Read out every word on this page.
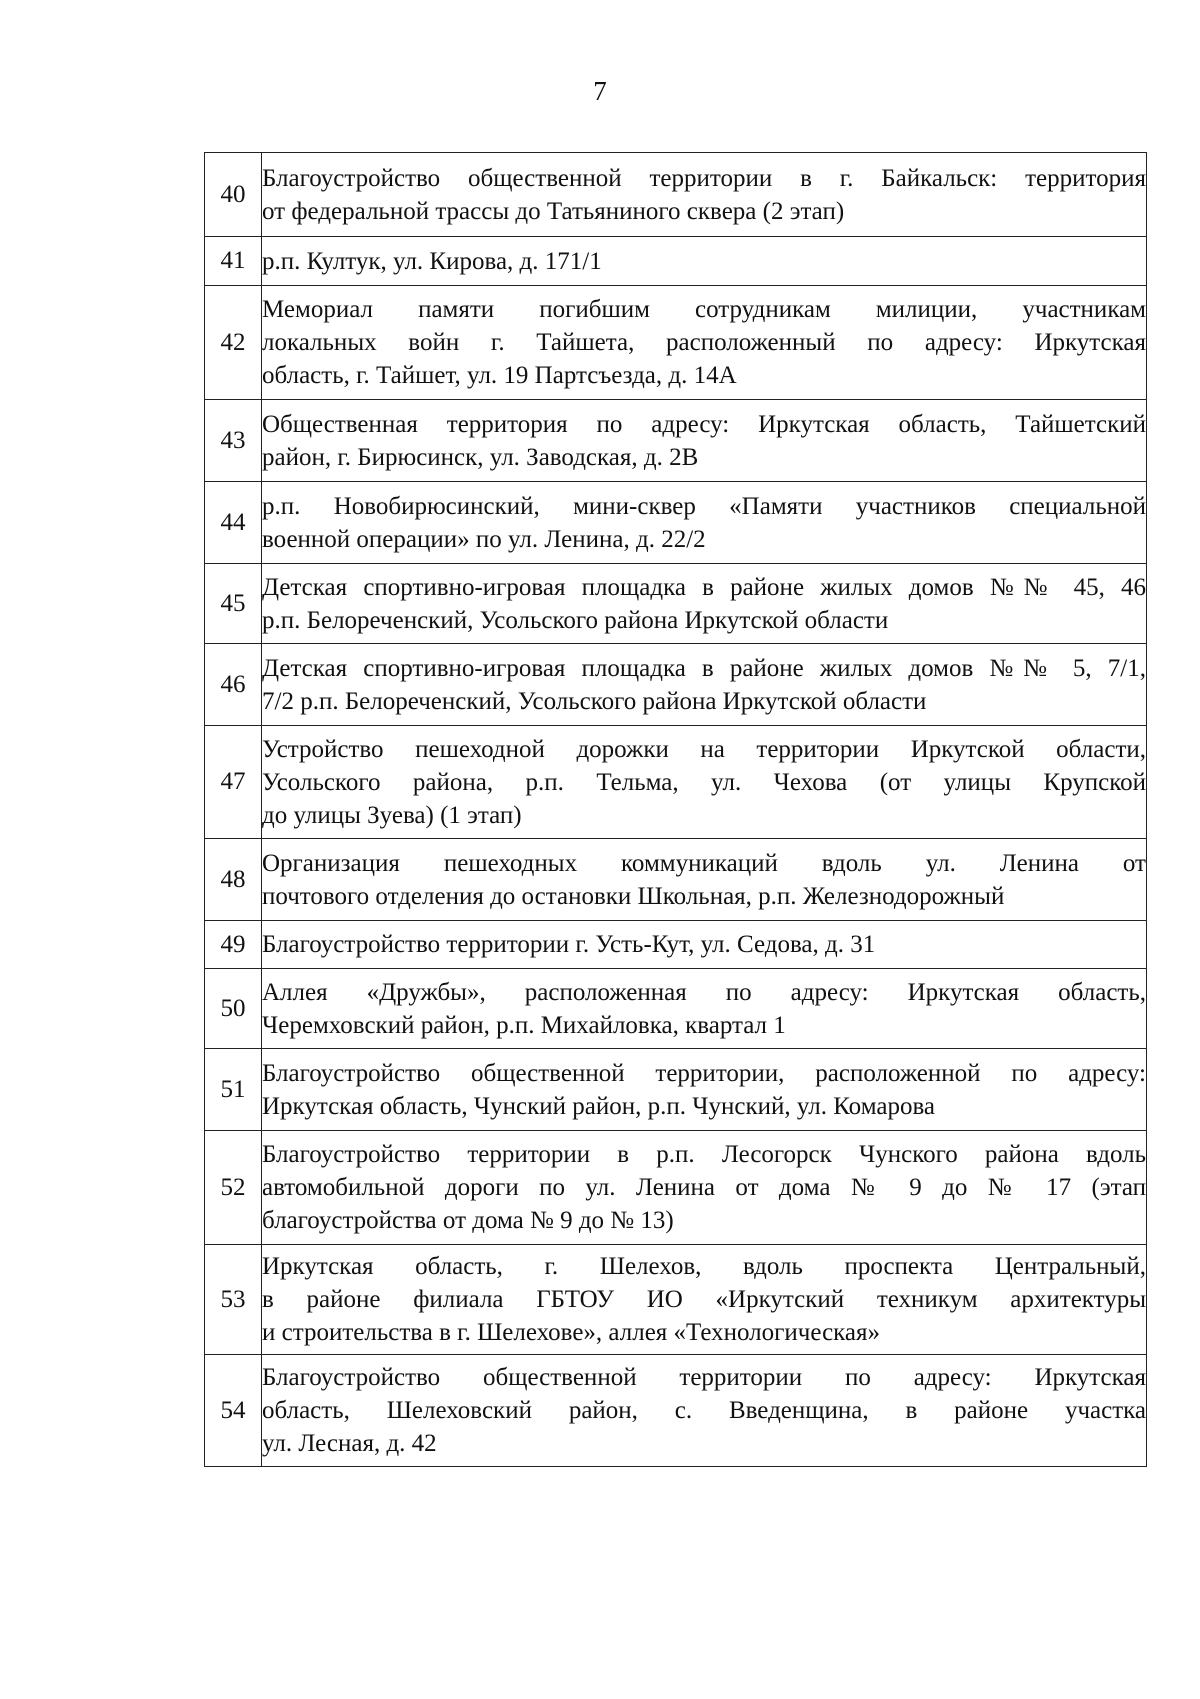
7
40	Благоустройство общественной территории в г. Байкальск: территория
от федеральной трассы до Татьяниного сквера (2 этап)

41	р.п. Култук, ул. Кирова, д. 171/1

42	Мемориал памяти погибшим сотрудникам милиции, участникам
локальных войн г. Тайшета, расположенный по адресу: Иркутская
область, г. Тайшет, ул. 19 Партсъезда, д. 14А

43	Общественная территория по адресу: Иркутская область, Тайшетский
район, г. Бирюсинск, ул. Заводская, д. 2В

44	р.п. Новобирюсинский, мини-сквер «Памяти участников специальной
военной операции» по ул. Ленина, д. 22/2

45	Детская спортивно-игровая площадка в районе жилых домов №№ 45, 46
р.п. Белореченский, Усольского района Иркутской области

46	Детская спортивно-игровая площадка в районе жилых домов №№ 5, 7/1,
7/2 р.п. Белореченский, Усольского района Иркутской области

47	Устройство пешеходной дорожки на территории Иркутской области,
Усольского района, р.п. Тельма, ул. Чехова (от улицы Крупской
до улицы Зуева) (1 этап)

48	Организация пешеходных коммуникаций вдоль ул. Ленина от
почтового отделения до остановки Школьная, р.п. Железнодорожный

49	Благоустройство территории г. Усть-Кут, ул. Седова, д. 31

50	Аллея «Дружбы», расположенная по адресу: Иркутская область,
Черемховский район, р.п. Михайловка, квартал 1

51	Благоустройство общественной территории, расположенной по адресу:
Иркутская область, Чунский район, р.п. Чунский, ул. Комарова

52	Благоустройство территории в р.п. Лесогорск Чунского района вдоль
автомобильной дороги по ул. Ленина от дома № 9 до № 17 (этап
благоустройства от дома № 9 до № 13)

53	Иркутская область, г. Шелехов, вдоль проспекта Центральный,
в районе филиала ГБТОУ ИО «Иркутский техникум архитектуры
и строительства в г. Шелехове», аллея «Технологическая»

54	Благоустройство общественной территории по адресу: Иркутская
область, Шелеховский район, с. Введенщина, в районе участка
ул. Лесная, д. 42
